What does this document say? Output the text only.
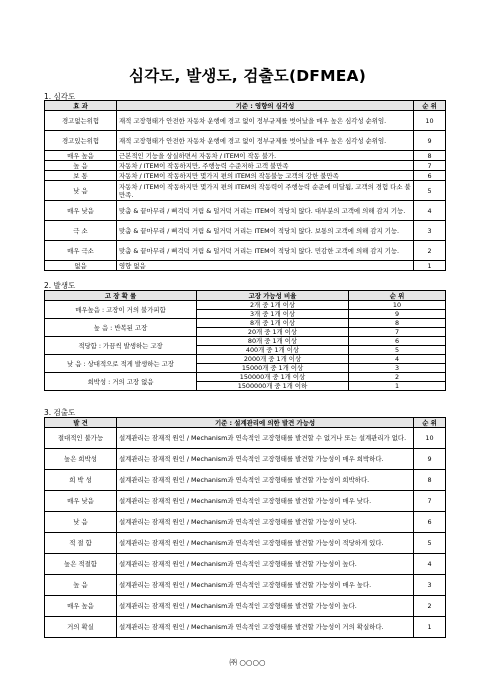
심각도, 발생도, 검출도(DFMEA)
1. 심각도
효 과	기준 : 영향의 심각성	순 위
경고없는위험	재적 고장형태가 안전한 자동차 운행에 경고 없이 정부규제를 벗어났을 매우 높은 심각성 순위임.	10
경고있는위험	재적 고장형태가 안전한 자동차 운행에 경고 없이 정부규제를 벗어났을 매우 높은 심각성 순위임.	9
매우 높음	근본적인 기능을 상실하면서 자동차 / ITEM이 작동 불가.	8
높 음	자동차 / ITEM이 작동하지만, 주행능력 수준저하 고객 불만족	7
보 통	자동차 / ITEM이 작동하지만 몇가지 편의 ITEM의 작동불능 고객의 강한 불만족	6
낮 음	자동차 / ITEM이 작동하지만 몇가지 편의 ITEM의 작동력이 주행능력 순준에 미달됨, 고객의 경험 다소 불만족.	5
매우 낮음	맞춤 & 끝마무리 / 삐걱덕 거림 & 덜거덕 거리는 ITEM이 적당치 않다. 대부분의 고객에 의해 감지 기능.	4
극 소	맞춤 & 끝마무리 / 삐걱덕 거림 & 덜거덕 거리는 ITEM이 적당치 않다. 보통의 고객에 의해 감지 기능.	3
매우 극소	맞춤 & 끝마무리 / 삐걱덕 거림 & 덜거덕 거리는 ITEM이 적당치 않다. 민감한 고객에 의해 감지 기능.	2
없음	영향 없음	1
2. 발생도
고 장 확 률	고장 가능성 비율	순 위
매우높음 : 고장이 거의 불가피함	2개 중 1개 이상	10
	3개 중 1개 이상	9
높 음 : 반복된 고장	8개 중 1개 이상	8
	20개 중 1개 이상	7
적당함 : 가끔씩 발생하는 고장	80개 중 1개 이상	6
	400개 중 1개 이상	5
낮 음 : 상대적으로 적게 발생하는 고장	2000개 중 1개 이상	4
	15000개 중 1개 이상	3
희박성 : 거의 고장 없음	150000개 중 1개 이상	2
	1500000개 중 1개 이하	1
3. 검출도
발 견	기준 : 설계관리에 의한 발견 가능성	순 위
절대적인 불가능	설계관리는 잠재적 원인 / Mechanism과 연속적인 고장형태를 발견할 수 없거나 또는 설계관리가 없다.	10
높은 희박성	설계관리는 잠재적 원인 / Mechanism과 연속적인 고장형태를 발견할 가능성이 매우 희박하다.	9
희 박 성	설계관리는 잠재적 원인 / Mechanism과 연속적인 고장형태를 발견할 가능성이 희박하다.	8
매우 낮음	설계관리는 잠재적 원인 / Mechanism과 연속적인 고장형태를 발견할 가능성이 매우 낮다.	7
낮 음	설계관리는 잠재적 원인 / Mechanism과 연속적인 고장형태를 발견할 가능성이 낮다.	6
적 절 함	설계관리는 잠재적 원인 / Mechanism과 연속적인 고장형태를 발견할 가능성이 적당하게 있다.	5
높은 적절함	설계관리는 잠재적 원인 / Mechanism과 연속적인 고장형태를 발견할 가능성이 높다.	4
높 음	설계관리는 잠재적 원인 / Mechanism과 연속적인 고장형태를 발견할 가능성이 매우 높다.	3
매우 높음	설계관리는 잠재적 원인 / Mechanism과 연속적인 고장형태를 발견할 가능성이 높다.	2
거의 확실	설계관리는 잠재적 원인 / Mechanism과 연속적인 고장형태를 발견할 가능성이 거의 확실하다.	1
㈜ ○○○○
